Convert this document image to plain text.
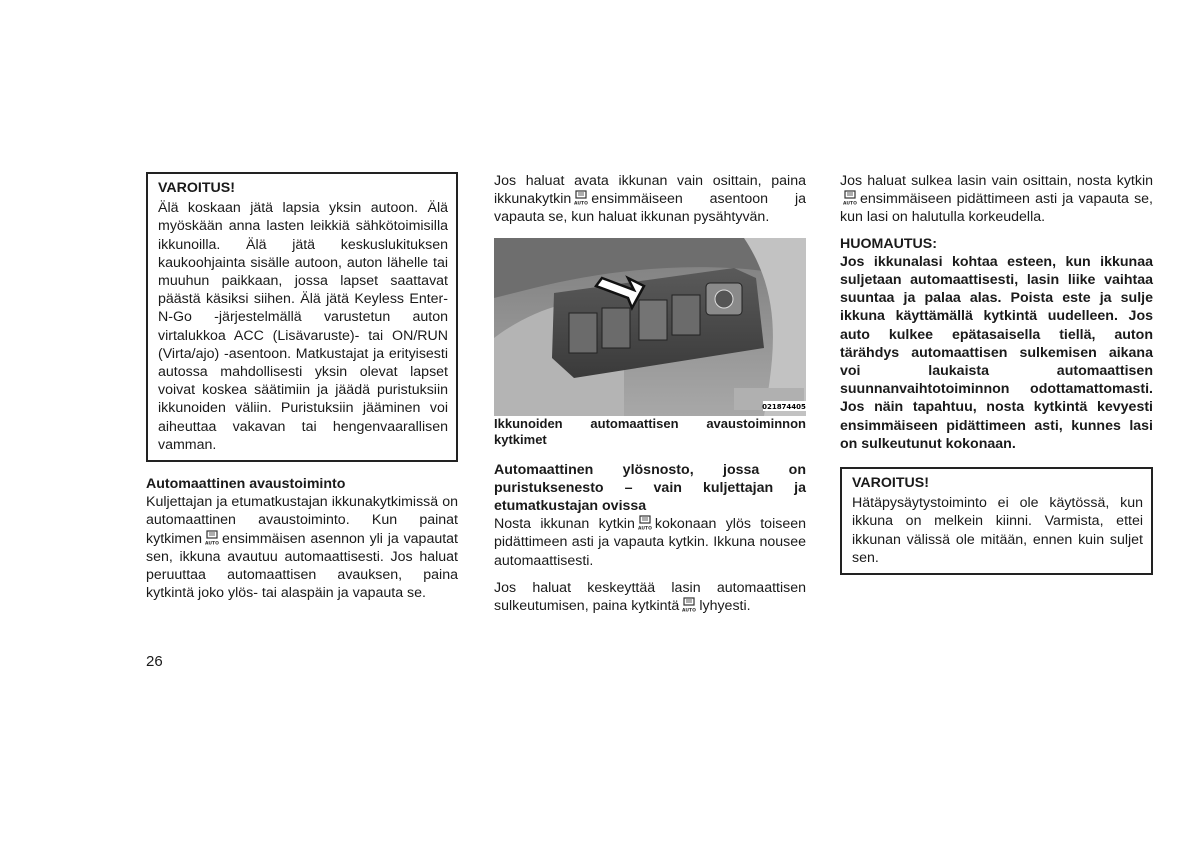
VAROITUS!

Älä koskaan jätä lapsia yksin autoon. Älä myöskään anna lasten leikkiä sähkötoimisilla ikkunoilla. Älä jätä keskuslukituksen kaukoohjainta sisälle autoon, auton lähelle tai muuhun paikkaan, jossa lapset saattavat päästä käsiksi siihen. Älä jätä Keyless Enter-N-Go -järjestelmällä varustetun auton virtalukkoa ACC (Lisävaruste)- tai ON/RUN (Virta/ajo) -asentoon. Matkustajat ja erityisesti autossa mahdollisesti yksin olevat lapset voivat koskea säätimiin ja jäädä puristuksiin ikkunoiden väliin. Puristuksiin jääminen voi aiheuttaa vakavan tai hengenvaarallisen vamman.

Automaattinen avaustoiminto

Kuljettajan ja etumatkustajan ikkunakytkimissä on automaattinen avaustoiminto. Kun painat kytkimen AUTO ensimmäisen asennon yli ja vapautat sen, ikkuna avautuu automaattisesti. Jos haluat peruuttaa automaattisen avauksen, paina kytkintä joko ylös- tai alaspäin ja vapauta se.

Jos haluat avata ikkunan vain osittain, paina ikkunakytkin AUTO ensimmäiseen asentoon ja vapauta se, kun haluat ikkunan pysähtyvän.

021874405

Ikkunoiden automaattisen avaustoiminnon kytkimet

Automaattinen ylösnosto, jossa on puristuksenesto – vain kuljettajan ja etumatkustajan ovissa

Nosta ikkunan kytkin AUTO kokonaan ylös toiseen pidättimeen asti ja vapauta kytkin. Ikkuna nousee automaattisesti.

Jos haluat keskeyttää lasin automaattisen sulkeutumisen, paina kytkintä AUTO lyhyesti.

Jos haluat sulkea lasin vain osittain, nosta kytkin
AUTO ensimmäiseen pidättimeen asti ja vapauta se, kun lasi on halutulla korkeudella.

HUOMAUTUS:

Jos ikkunalasi kohtaa esteen, kun ikkunaa suljetaan automaattisesti, lasin liike vaihtaa suuntaa ja palaa alas. Poista este ja sulje ikkuna käyttämällä kytkintä uudelleen. Jos auto kulkee epätasaisella tiellä, auton tärähdys automaattisen sulkemisen aikana voi laukaista automaattisen suunnanvaihtotoiminnon odottamattomasti. Jos näin tapahtuu, nosta kytkintä kevyesti ensimmäiseen pidättimeen asti, kunnes lasi on sulkeutunut kokonaan.

VAROITUS!

Hätäpysäytystoiminto ei ole käytössä, kun ikkuna on melkein kiinni. Varmista, ettei ikkunan välissä ole mitään, ennen kuin suljet sen.

26
